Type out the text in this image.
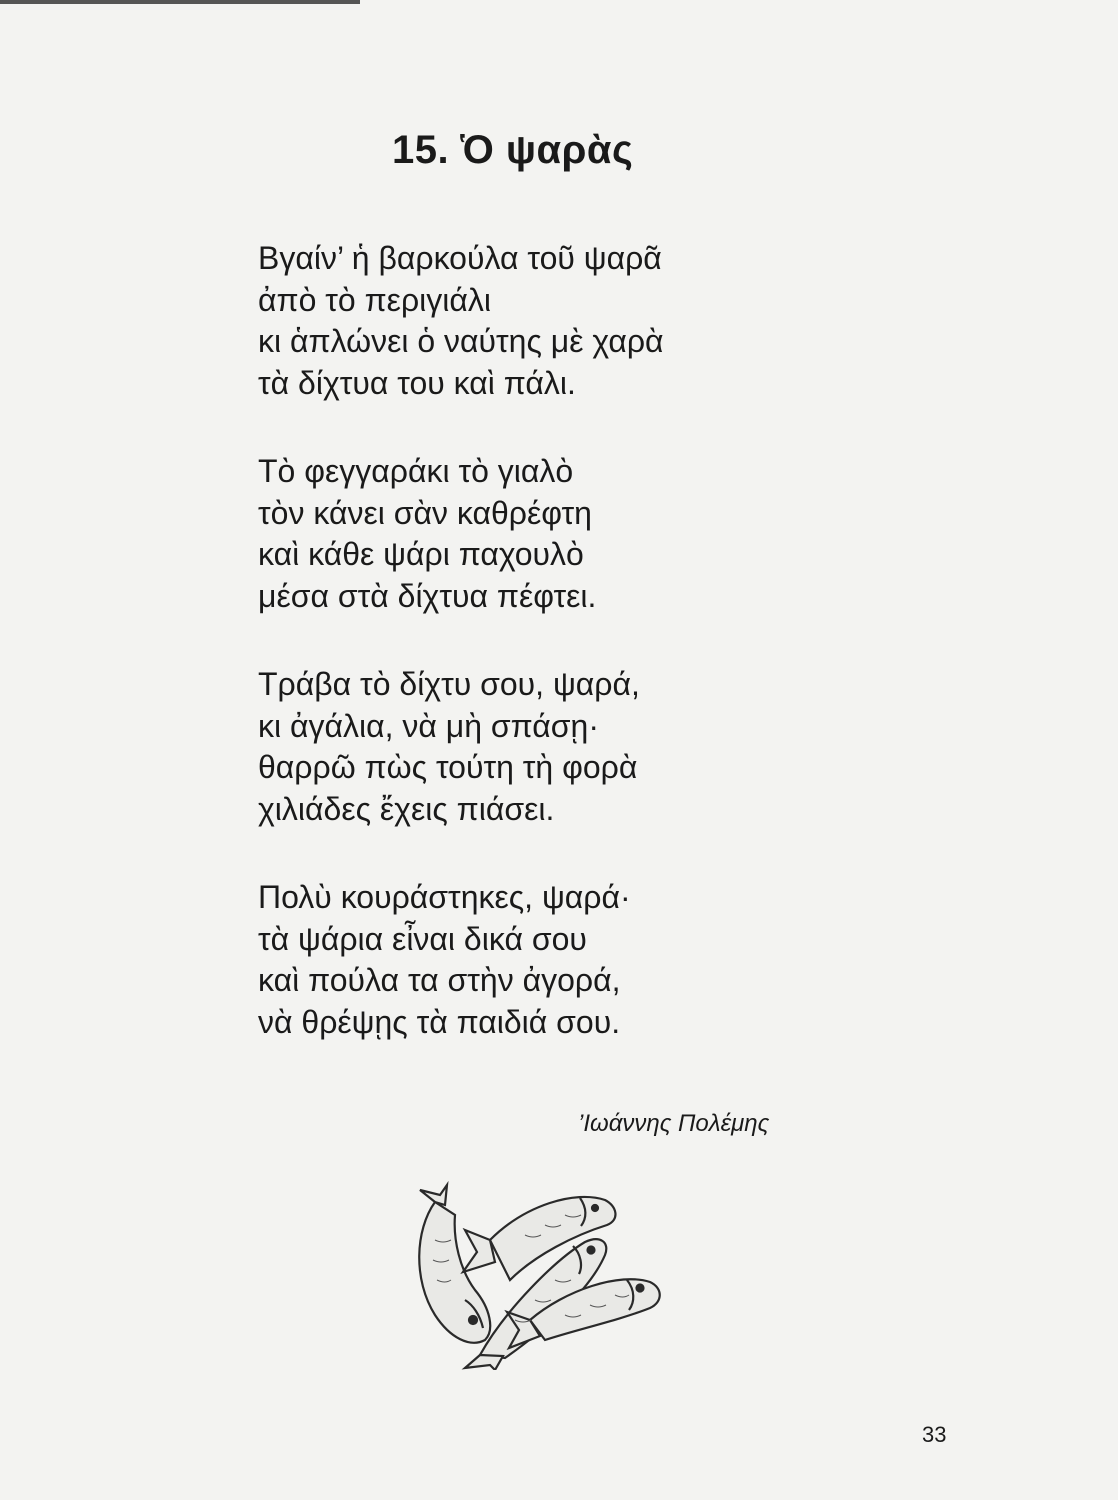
15. Ὁ ψαρὰς
Βγαίν’ ἡ βαρκούλα τοῦ ψαρᾶ
ἀπὸ τὸ περιγιάλι
κι ἁπλώνει ὁ ναύτης μὲ χαρὰ
τὰ δίχτυα του καὶ πάλι.
Τὸ φεγγαράκι τὸ γιαλὸ
τὸν κάνει σὰν καθρέφτη
καὶ κάθε ψάρι παχουλὸ
μέσα στὰ δίχτυα πέφτει.
Τράβα τὸ δίχτυ σου, ψαρά,
κι ἀγάλια, νὰ μὴ σπάσῃ·
θαρρῶ πὼς τούτη τὴ φορὰ
χιλιάδες ἔχεις πιάσει.
Πολὺ κουράστηκες, ψαρά·
τὰ ψάρια εἶναι δικά σου
καὶ πούλα τα στὴν ἀγορά,
νὰ θρέψῃς τὰ παιδιά σου.
’Ιωάννης Πολέμης
33
